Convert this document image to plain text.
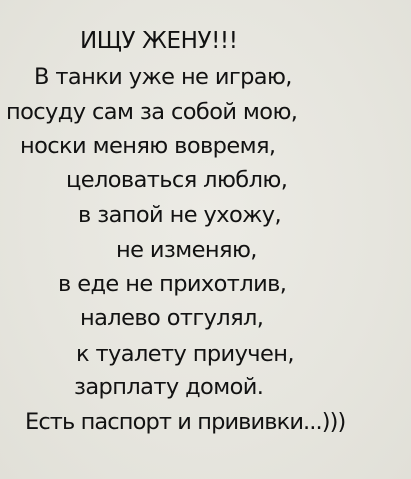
ИЩУ ЖЕНУ!!!
В танки уже не играю,
посуду сам за собой мою,
носки меняю вовремя,
целоваться люблю,
в запой не ухожу,
не изменяю,
в еде не прихотлив,
налево отгулял,
к туалету приучен,
зарплату домой.
Есть паспорт и прививки...)))
